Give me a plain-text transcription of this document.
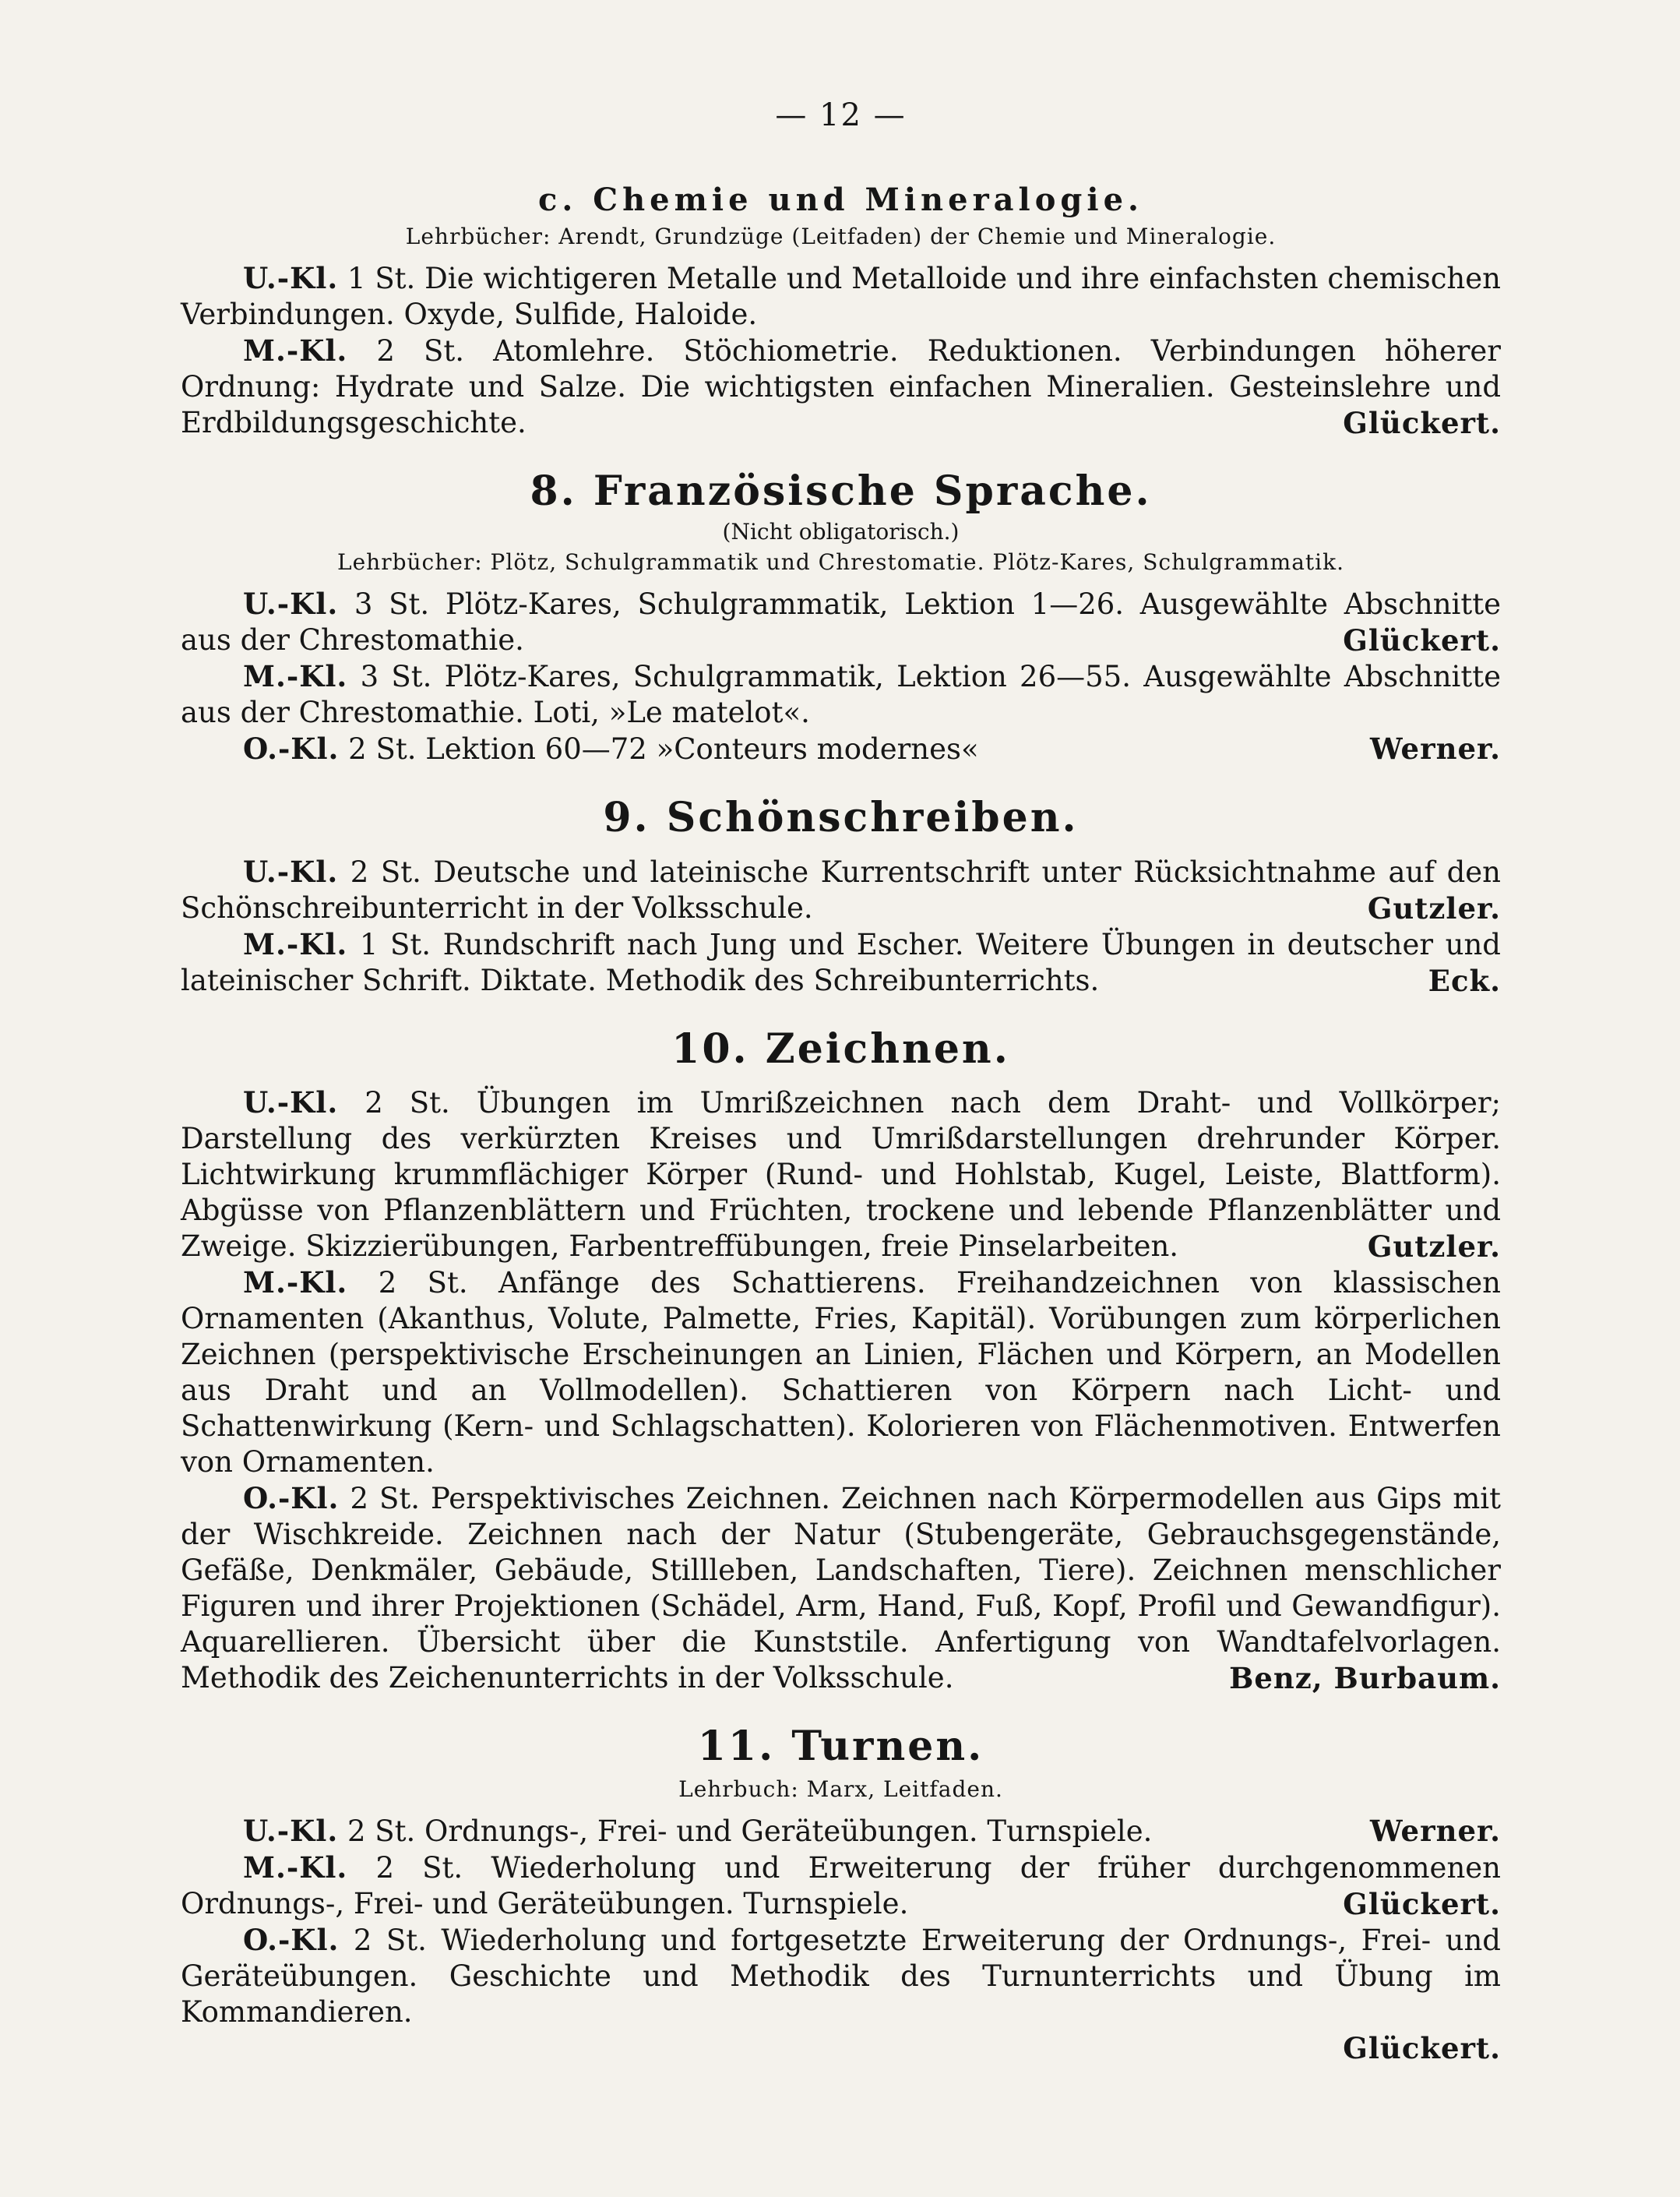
— 12 —
c. Chemie und Mineralogie.
Lehrbücher: Arendt, Grundzüge (Leitfaden) der Chemie und Mineralogie.

U.-Kl. 1 St. Die wichtigeren Metalle und Metalloide und ihre einfachsten chemischen Verbindungen. Oxyde, Sulfide, Haloide.

M.-Kl. 2 St. Atomlehre. Stöchiometrie. Reduktionen. Verbindungen höherer Ordnung: Hydrate und Salze. Die wichtigsten einfachen Mineralien. Gesteinslehre und Erdbildungsgeschichte.	Glückert.

8. Französische Sprache.
(Nicht obligatorisch.)
Lehrbücher: Plötz, Schulgrammatik und Chrestomatie. Plötz-Kares, Schulgrammatik.

U.-Kl. 3 St. Plötz-Kares, Schulgrammatik, Lektion 1—26. Ausgewählte Abschnitte aus der Chrestomathie.	Glückert.

M.-Kl. 3 St. Plötz-Kares, Schulgrammatik, Lektion 26—55. Ausgewählte Abschnitte aus der Chrestomathie. Loti, »Le matelot«.

O.-Kl. 2 St. Lektion 60—72 »Conteurs modernes«	Werner.

9. Schönschreiben.

U.-Kl. 2 St. Deutsche und lateinische Kurrentschrift unter Rücksichtnahme auf den Schönschreibunterricht in der Volksschule.	Gutzler.

M.-Kl. 1 St. Rundschrift nach Jung und Escher. Weitere Übungen in deutscher und lateinischer Schrift. Diktate. Methodik des Schreibunterrichts.	Eck.

10. Zeichnen.

U.-Kl. 2 St. Übungen im Umrißzeichnen nach dem Draht- und Vollkörper; Darstellung des verkürzten Kreises und Umrißdarstellungen drehrunder Körper. Lichtwirkung krummflächiger Körper (Rund- und Hohlstab, Kugel, Leiste, Blattform). Abgüsse von Pflanzenblättern und Früchten, trockene und lebende Pflanzenblätter und Zweige. Skizzierübungen, Farbentreffübungen, freie Pinselarbeiten.	Gutzler.

M.-Kl. 2 St. Anfänge des Schattierens. Freihandzeichnen von klassischen Ornamenten (Akanthus, Volute, Palmette, Fries, Kapitäl). Vorübungen zum körperlichen Zeichnen (perspektivische Erscheinungen an Linien, Flächen und Körpern, an Modellen aus Draht und an Vollmodellen). Schattieren von Körpern nach Licht- und Schattenwirkung (Kern- und Schlagschatten). Kolorieren von Flächenmotiven. Entwerfen von Ornamenten.

O.-Kl. 2 St. Perspektivisches Zeichnen. Zeichnen nach Körpermodellen aus Gips mit der Wischkreide. Zeichnen nach der Natur (Stubengeräte, Gebrauchsgegenstände, Gefäße, Denkmäler, Gebäude, Stillleben, Landschaften, Tiere). Zeichnen menschlicher Figuren und ihrer Projektionen (Schädel, Arm, Hand, Fuß, Kopf, Profil und Gewandfigur). Aquarellieren. Übersicht über die Kunststile. Anfertigung von Wandtafelvorlagen. Methodik des Zeichenunterrichts in der Volksschule.	Benz, Burbaum.

11. Turnen.
Lehrbuch: Marx, Leitfaden.

U.-Kl. 2 St. Ordnungs-, Frei- und Geräteübungen. Turnspiele.	Werner.

M.-Kl. 2 St. Wiederholung und Erweiterung der früher durchgenommenen Ordnungs-, Frei- und Geräteübungen. Turnspiele.	Glückert.

O.-Kl. 2 St. Wiederholung und fortgesetzte Erweiterung der Ordnungs-, Frei- und Geräteübungen. Geschichte und Methodik des Turnunterrichts und Übung im Kommandieren.

Glückert.
